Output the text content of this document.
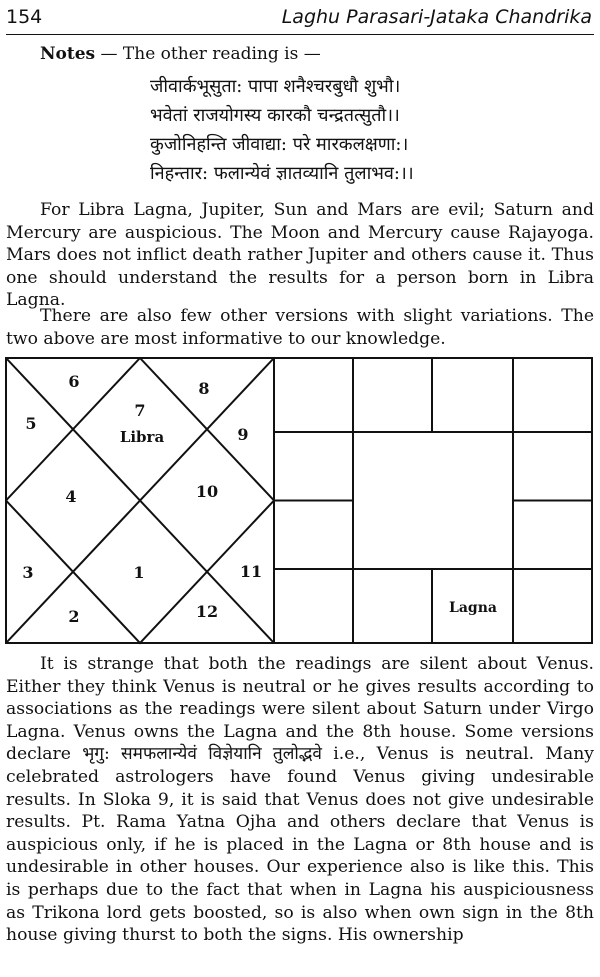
154	Laghu Parasari-Jataka Chandrika
Notes — The other reading is —
जीवार्कभूसुता: पापा शनैश्चरबुधौ शुभौ।
भवेतां राजयोगस्य कारकौ चन्द्रतत्सुतौ।।
कुजोनिहन्ति जीवाद्या: परे मारकलक्षणा:।
निहन्तार: फलान्येवं ज्ञातव्यानि तुलाभव:।।

For Libra Lagna, Jupiter, Sun and Mars are evil; Saturn and Mercury are auspicious. The Moon and Mercury cause Rajayoga. Mars does not inflict death rather Jupiter and others cause it. Thus one should understand the results for a person born in Libra Lagna.

There are also few other versions with slight variations. The two above are most informative to our knowledge.

7
8
9
10
11
12
1
2
3
4
5
6
Libra
Lagna

It is strange that both the readings are silent about Venus. Either they think Venus is neutral or he gives results according to associations as the readings were silent about Saturn under Virgo Lagna. Venus owns the Lagna and the 8th house. Some versions declare भृगु: समफलान्येवं विज्ञेयानि तुलोद्भवे i.e., Venus is neutral. Many celebrated astrologers have found Venus giving undesirable results. In Sloka 9, it is said that Venus does not give undesirable results. Pt. Rama Yatna Ojha and others declare that Venus is auspicious only, if he is placed in the Lagna or 8th house and is undesirable in other houses. Our experience also is like this. This is perhaps due to the fact that when in Lagna his auspiciousness as Trikona lord gets boosted, so is also when own sign in the 8th house giving thurst to both the signs. His ownership
